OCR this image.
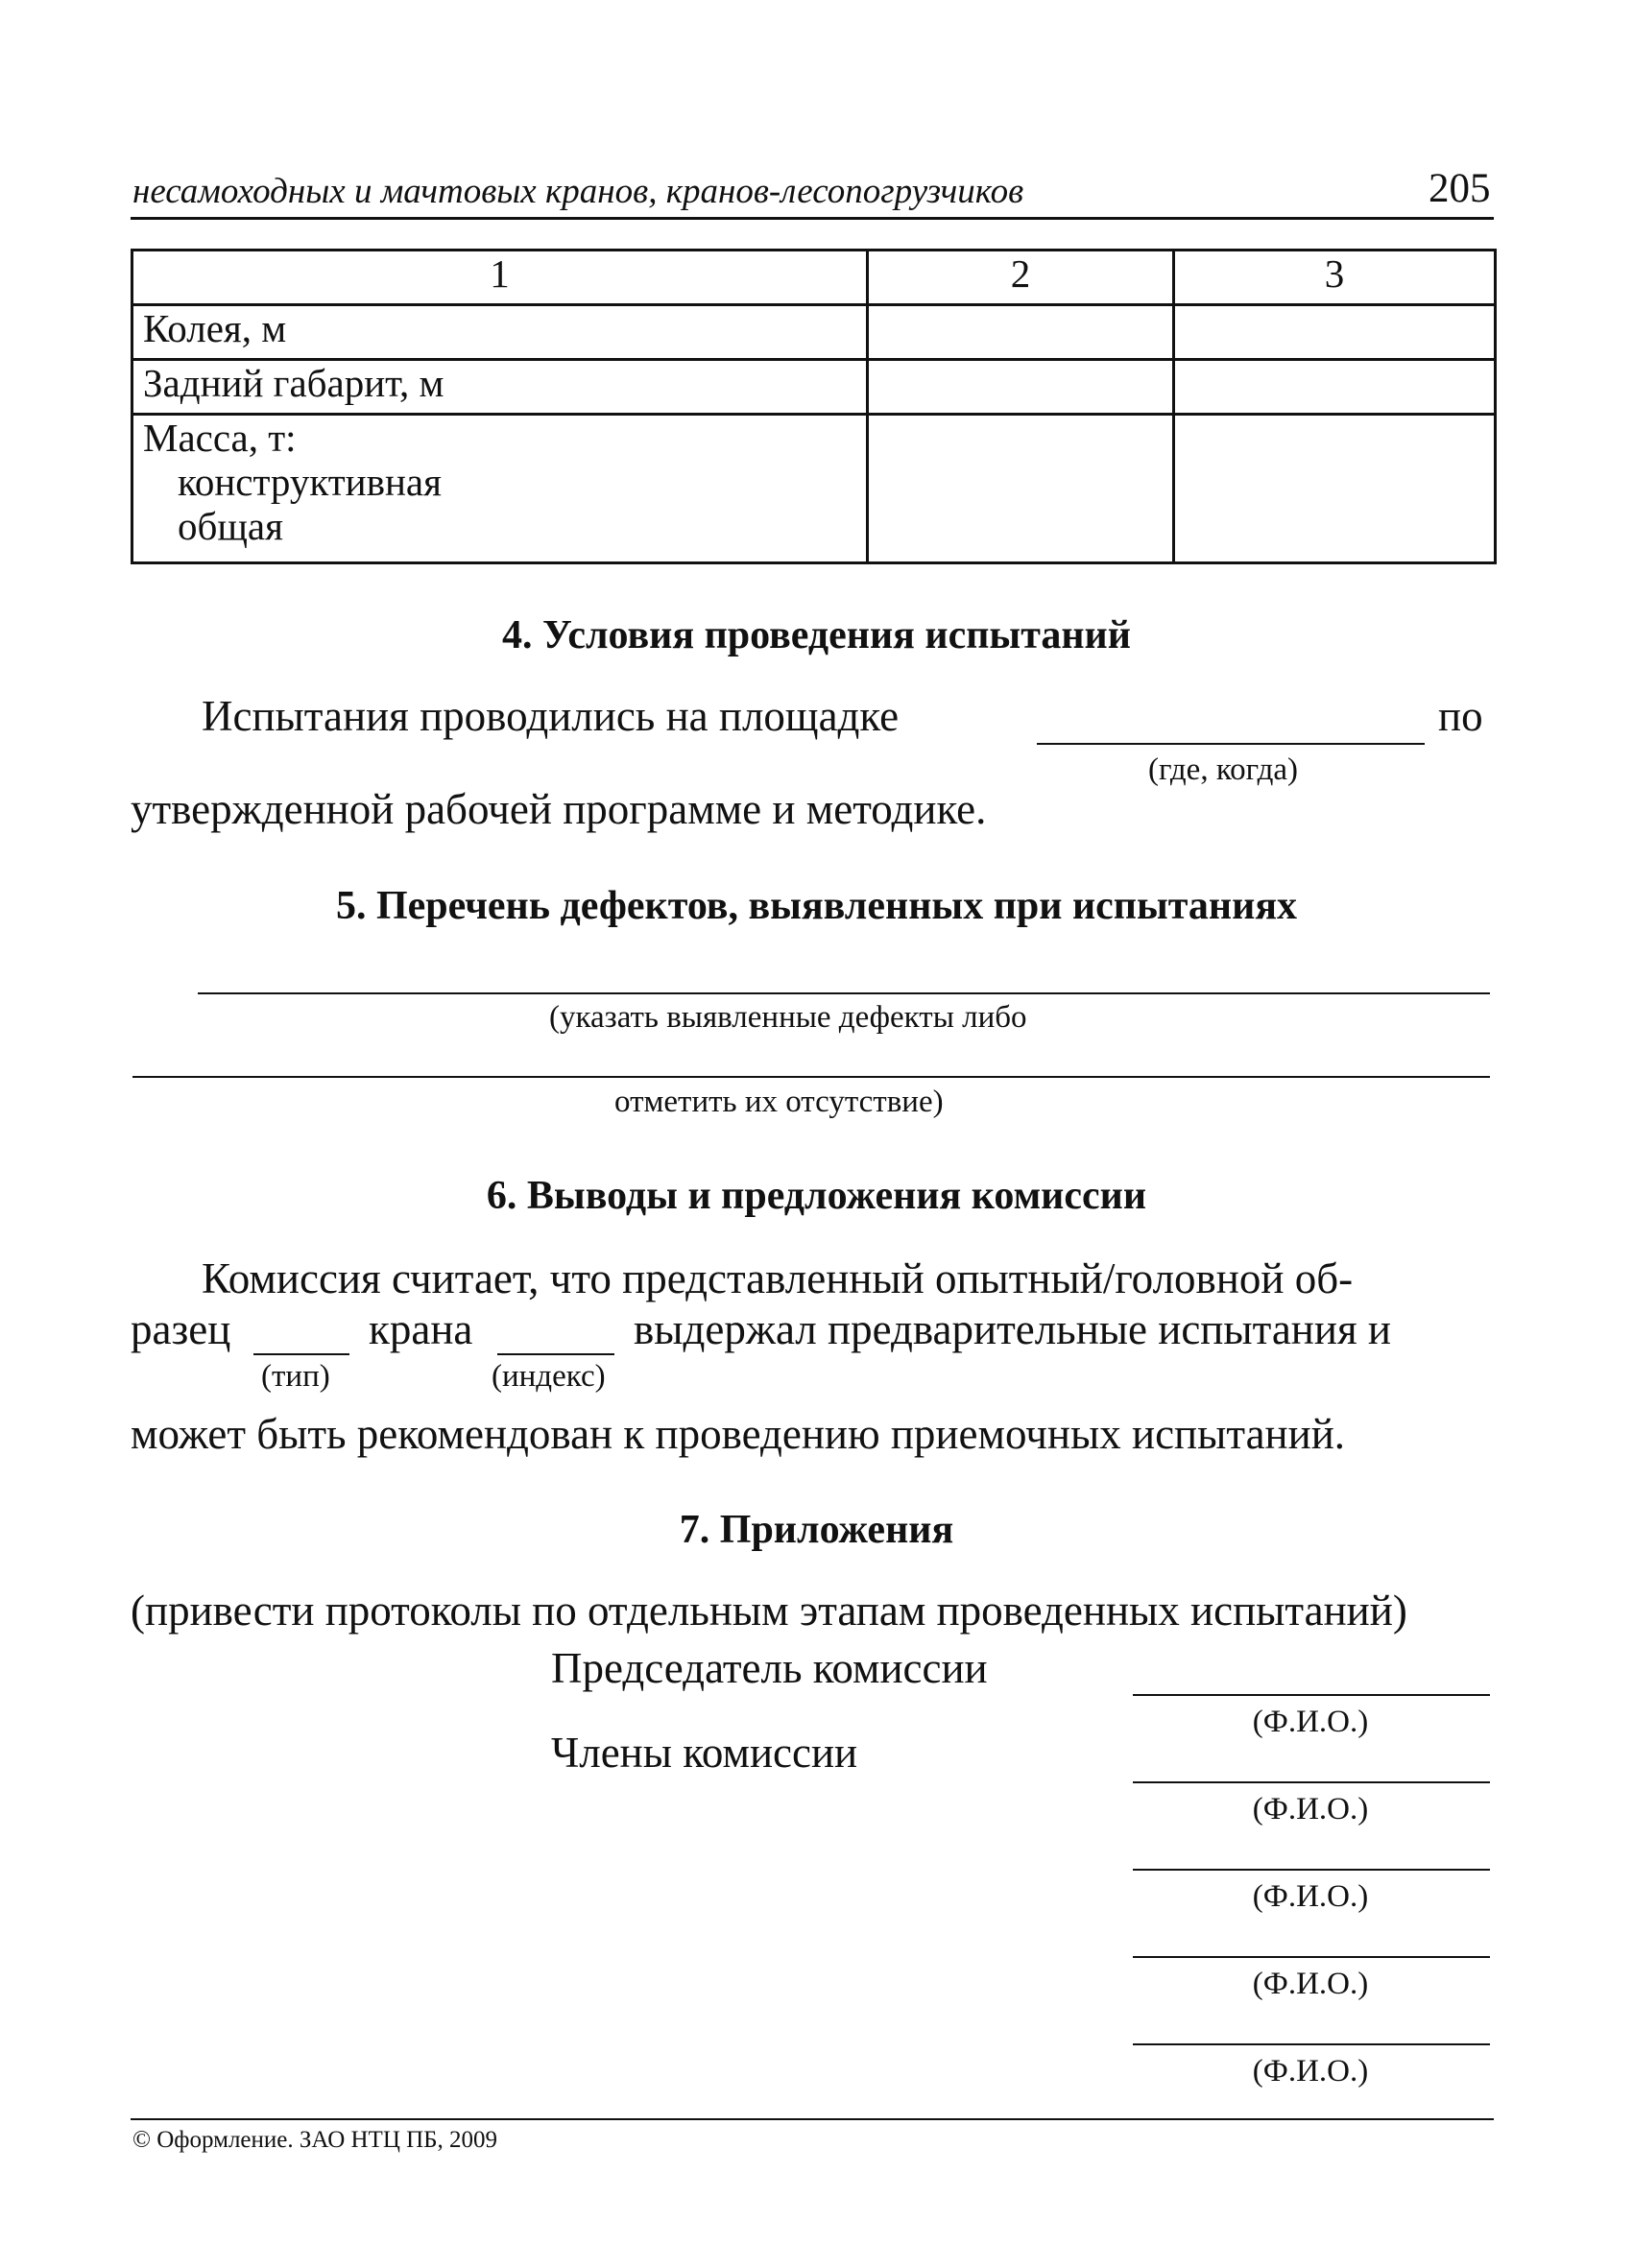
несамоходных и мачтовых кранов, кранов-лесопогрузчиков	205
1	2	3
Колея, м		
Задний габарит, м		

Масса, т:
конструктивная
общая		

4. Условия проведения испытаний
Испытания проводились на площадке	по
(где, когда)
утвержденной рабочей программе и методике.
5. Перечень дефектов, выявленных при испытаниях
(указать выявленные дефекты либо
отметить их отсутствие)
6. Выводы и предложения комиссии
Комиссия считает, что представленный опытный/головной об-
разец	крана	выдержал предварительные испытания и
(тип)	(индекс)
может быть рекомендован к проведению приемочных испытаний.
7. Приложения
(привести протоколы по отдельным этапам проведенных испытаний)
Председатель комиссии
Члены комиссии
(Ф.И.О.)
(Ф.И.О.)
(Ф.И.О.)
(Ф.И.О.)
(Ф.И.О.)
© Оформление. ЗАО НТЦ ПБ, 2009
